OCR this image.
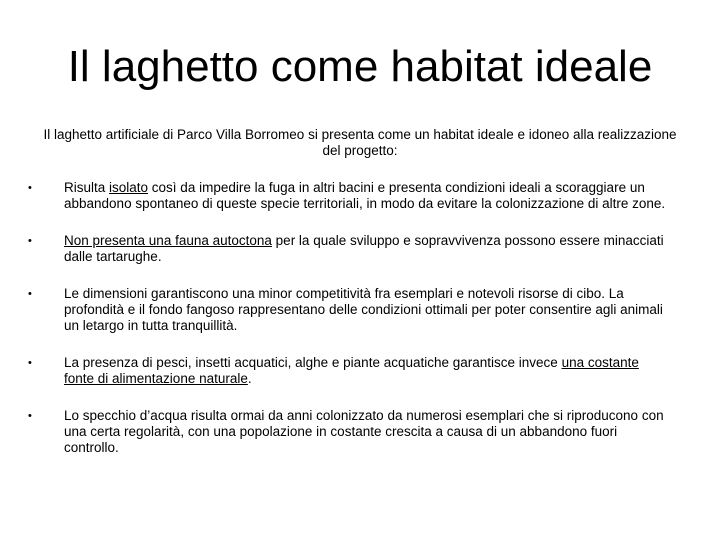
Il laghetto come habitat ideale

Il laghetto artificiale di Parco Villa Borromeo si presenta come un habitat ideale e idoneo alla realizzazione del progetto:

• Risulta isolato così da impedire la fuga in altri bacini e presenta condizioni ideali a scoraggiare un abbandono spontaneo di queste specie territoriali, in modo da evitare la colonizzazione di altre zone.
• Non presenta una fauna autoctona per la quale sviluppo e sopravvivenza possono essere minacciati dalle tartarughe.
• Le dimensioni garantiscono una minor competitività fra esemplari e notevoli risorse di cibo. La profondità e il fondo fangoso rappresentano delle condizioni ottimali per poter consentire agli animali un letargo in tutta tranquillità.
• La presenza di pesci, insetti acquatici, alghe e piante acquatiche garantisce invece una costante fonte di alimentazione naturale.
• Lo specchio d’acqua risulta ormai da anni colonizzato da numerosi esemplari che si riproducono con una certa regolarità, con una popolazione in costante crescita a causa di un abbandono fuori controllo.
